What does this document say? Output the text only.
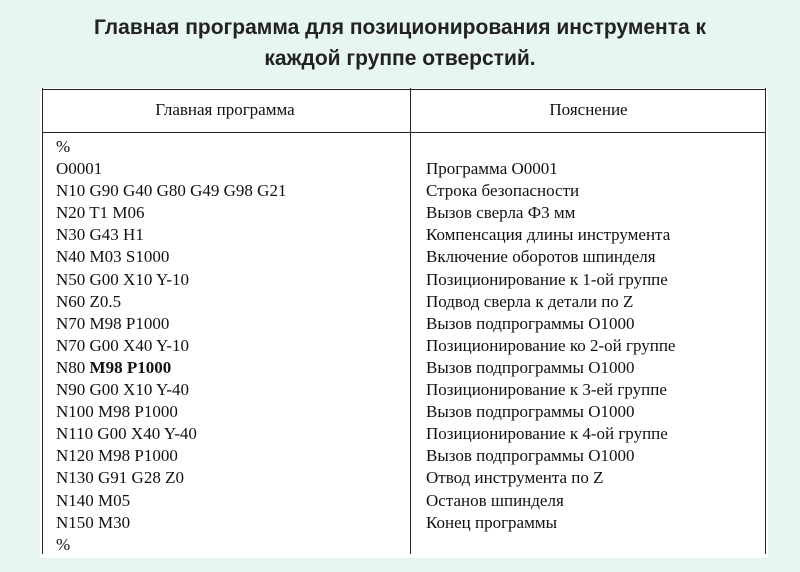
Главная программа для позиционирования инструмента к
каждой группе отверстий.
Главная программа	Пояснение
%
O0001
N10 G90 G40 G80 G49 G98 G21
N20 T1 M06
N30 G43 H1
N40 M03 S1000
N50 G00 X10 Y-10
N60 Z0.5
N70 M98 P1000
N70 G00 X40 Y-10
N80 M98 P1000
N90 G00 X10 Y-40
N100 M98 P1000
N110 G00 X40 Y-40
N120 M98 P1000
N130 G91 G28 Z0
N140 M05
N150 M30
%
Программа O0001
Строка безопасности
Вызов сверла Ф3 мм
Компенсация длины инструмента
Включение оборотов шпинделя
Позиционирование к 1-ой группе
Подвод сверла к детали по Z
Вызов подпрограммы O1000
Позиционирование ко 2-ой группе
Вызов подпрограммы O1000
Позиционирование к 3-ей группе
Вызов подпрограммы O1000
Позиционирование к 4-ой группе
Вызов подпрограммы O1000
Отвод инструмента по Z
Останов шпинделя
Конец программы
